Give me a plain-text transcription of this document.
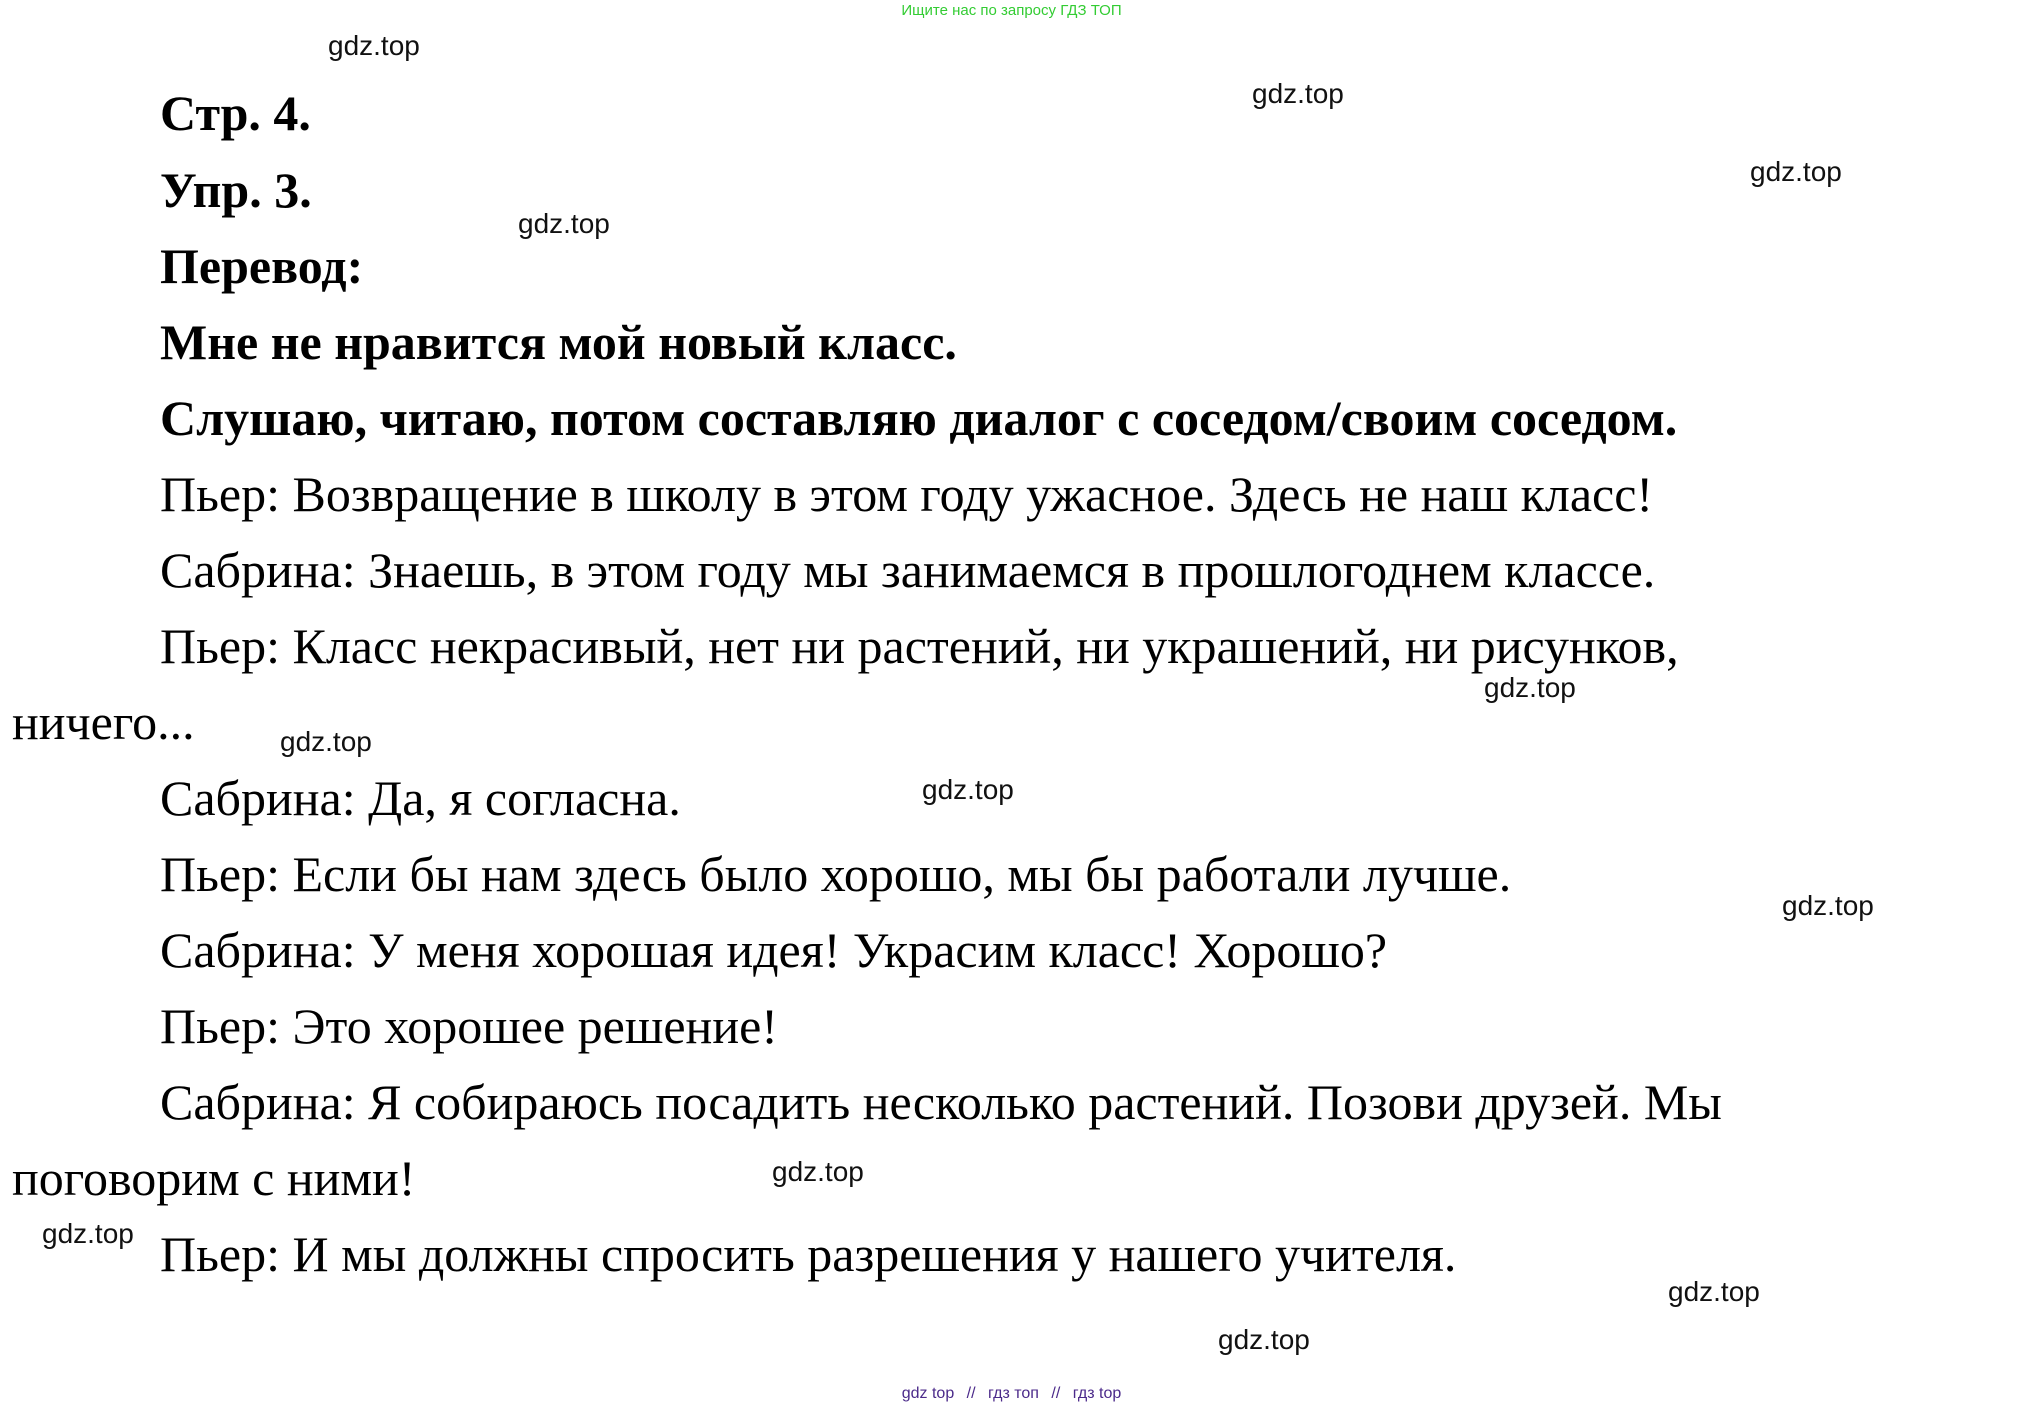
Ищите нас по запросу ГДЗ ТОП
Стр. 4.
Упр. 3.
Перевод:
Мне не нравится мой новый класс.
Слушаю, читаю, потом составляю диалог с соседом/своим соседом.
Пьер: Возвращение в школу в этом году ужасное. Здесь не наш класс!
Сабрина: Знаешь, в этом году мы занимаемся в прошлогоднем классе.
Пьер: Класс некрасивый, нет ни растений, ни украшений, ни рисунков,
ничего...
Сабрина: Да, я согласна.
Пьер: Если бы нам здесь было хорошо, мы бы работали лучше.
Сабрина: У меня хорошая идея! Украсим класс! Хорошо?
Пьер: Это хорошее решение!
Сабрина: Я собираюсь посадить несколько растений. Позови друзей. Мы
поговорим с ними!
Пьер: И мы должны спросить разрешения у нашего учителя.
gdz.top
gdz.top
gdz.top
gdz.top
gdz.top
gdz.top
gdz.top
gdz.top
gdz.top
gdz.top
gdz.top
gdz.top
gdz top // гдз топ // гдз top
